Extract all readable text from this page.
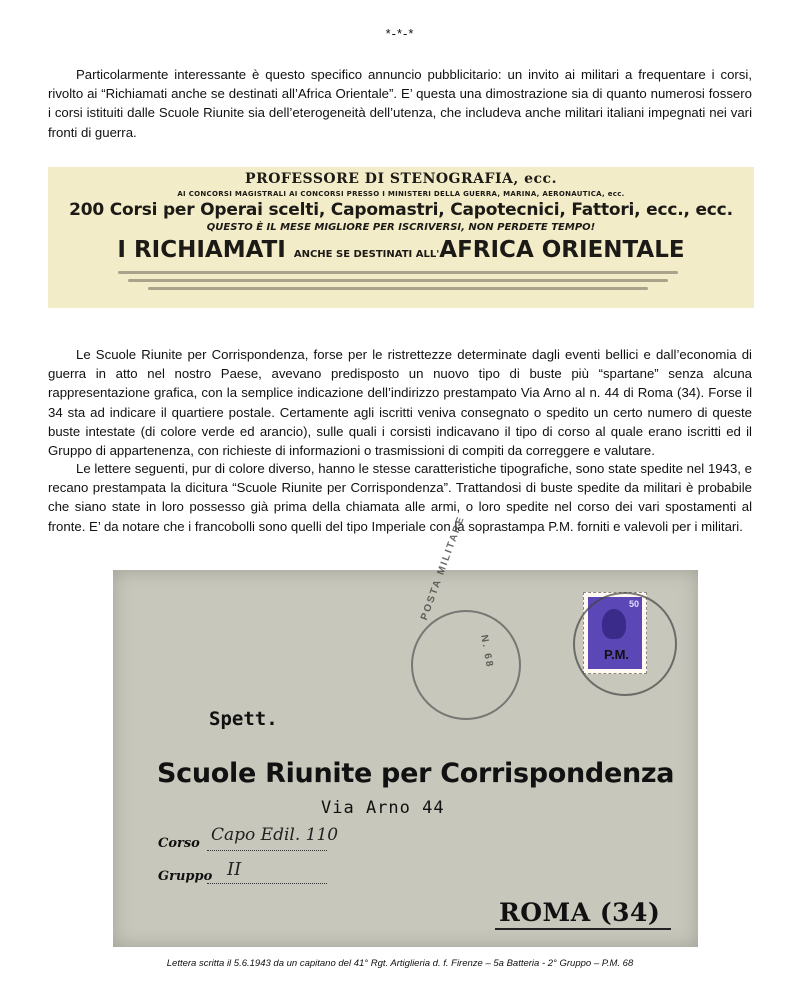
*-*-*

Particolarmente interessante è questo specifico annuncio pubblicitario: un invito ai militari a frequentare i corsi, rivolto ai “Richiamati anche se destinati all’Africa Orientale”. E’ questa una dimostrazione sia di quanto numerosi fossero i corsi istituiti dalle Scuole Riunite sia dell’eterogeneità dell’utenza, che includeva anche militari italiani impegnati nei vari fronti di guerra.

PROFESSORE DI STENOGRAFIA, ecc.
AI CONCORSI MAGISTRALI AI CONCORSI PRESSO I MINISTERI DELLA GUERRA, MARINA, AERONAUTICA, ecc.
200 Corsi per Operai scelti, Capomastri, Capotecnici, Fattori, ecc., ecc.
QUESTO È IL MESE MIGLIORE PER ISCRIVERSI, NON PERDETE TEMPO!
I RICHIAMATI ANCHE SE DESTINATI ALL'AFRICA ORIENTALE

Le Scuole Riunite per Corrispondenza, forse per le ristrettezze determinate dagli eventi bellici e dall’economia di guerra in atto nel nostro Paese, avevano predisposto un nuovo tipo di buste più “spartane” senza alcuna rappresentazione grafica, con la semplice indicazione dell’indirizzo prestampato Via Arno al n. 44 di Roma (34). Forse il 34 sta ad indicare il quartiere postale. Certamente agli iscritti veniva consegnato o spedito un certo numero di queste buste intestate (di colore verde ed arancio), sulle quali i corsisti indicavano il tipo di corso al quale erano iscritti ed il Gruppo di appartenenza, con richieste di informazioni o trasmissioni di compiti da correggere e valutare.

Le lettere seguenti, pur di colore diverso, hanno le stesse caratteristiche tipografiche, sono state spedite nel 1943, e recano prestampata la dicitura “Scuole Riunite per Corrispondenza”. Trattandosi di buste spedite da militari è probabile che siano state in loro possesso già prima della chiamata alle armi, o loro spedite nel corso dei vari spostamenti al fronte. E’ da notare che i francobolli sono quelli del tipo Imperiale con la soprastampa P.M. forniti e valevoli per i militari.

POSTA MILITARE
N. 68
50
P.M.
Spett.
Scuole Riunite per Corrispondenza
Via Arno 44
Corso Capo Edil. 110
Gruppo II
ROMA (34)
Lettera scritta il 5.6.1943 da un capitano del 41° Rgt. Artiglieria d. f. Firenze – 5a Batteria - 2° Gruppo – P.M. 68
